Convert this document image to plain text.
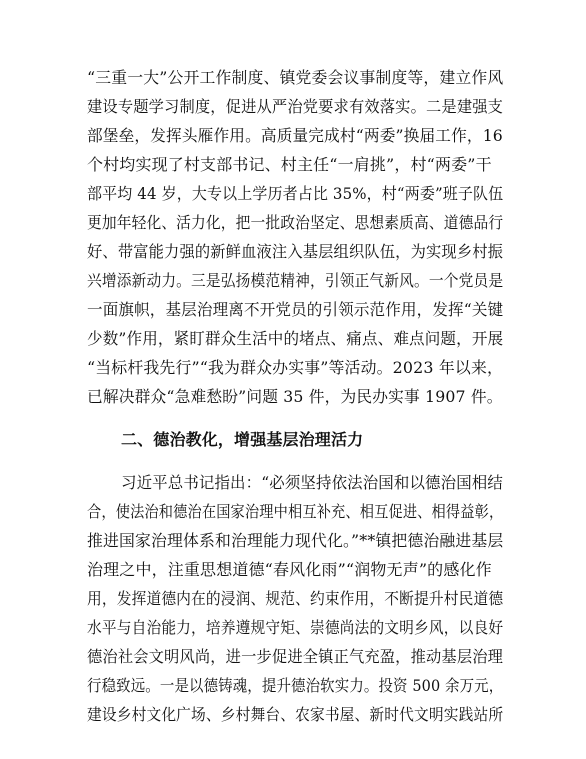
“三重一大”公开工作制度、镇党委会议事制度等，建立作风
建设专题学习制度，促进从严治党要求有效落实。二是建强支
部堡垒，发挥头雁作用。高质量完成村“两委”换届工作，16
个村均实现了村支部书记、村主任“一肩挑”，村“两委”干
部平均 44 岁，大专以上学历者占比 35%，村“两委”班子队伍
更加年轻化、活力化，把一批政治坚定、思想素质高、道德品行
好、带富能力强的新鲜血液注入基层组织队伍，为实现乡村振
兴增添新动力。三是弘扬模范精神，引领正气新风。一个党员是
一面旗帜，基层治理离不开党员的引领示范作用，发挥“关键
少数”作用，紧盯群众生活中的堵点、痛点、难点问题，开展
“当标杆我先行”“我为群众办实事”等活动。2023 年以来，
已解决群众“急难愁盼”问题 35 件，为民办实事 1907 件。
二、德治教化，增强基层治理活力
习近平总书记指出：“必须坚持依法治国和以德治国相结
合，使法治和德治在国家治理中相互补充、相互促进、相得益彰，
推进国家治理体系和治理能力现代化。”**镇把德治融进基层
治理之中，注重思想道德“春风化雨”“润物无声”的感化作
用，发挥道德内在的浸润、规范、约束作用，不断提升村民道德
水平与自治能力，培养遵规守矩、崇德尚法的文明乡风，以良好
德治社会文明风尚，进一步促进全镇正气充盈，推动基层治理
行稳致远。一是以德铸魂，提升德治软实力。投资 500 余万元，
建设乡村文化广场、乡村舞台、农家书屋、新时代文明实践站所
